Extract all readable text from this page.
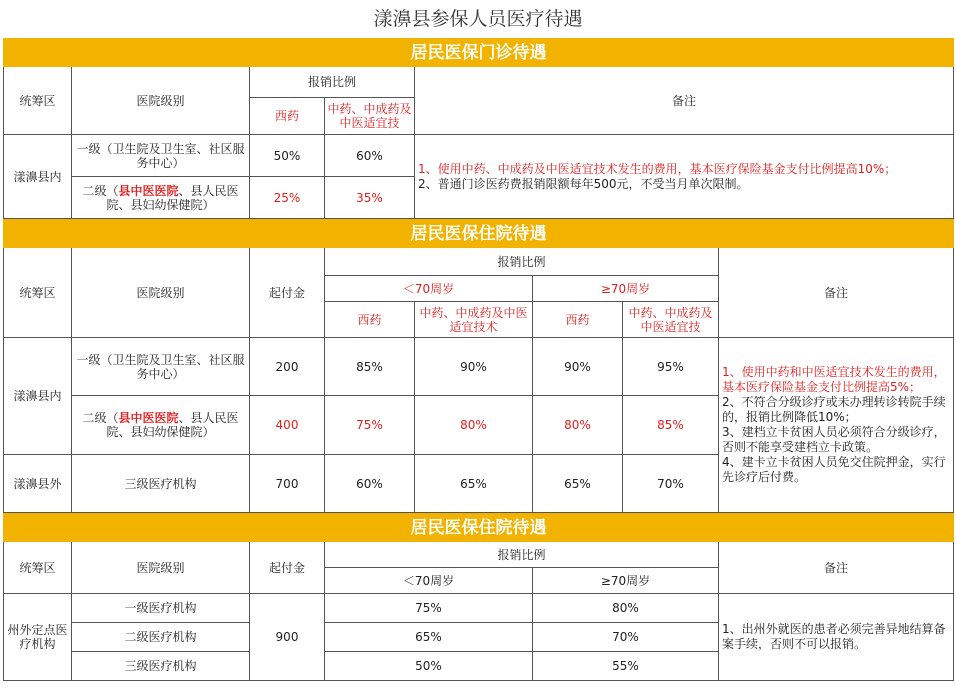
漾濞县参保人员医疗待遇
居民医保门诊待遇				
统筹区	医院级别	报销比例		备注
		西药	中药、中成药及中医适宜技	
漾濞县内	一级（卫生院及卫生室、社区服务中心）	50%	60%	1、使用中药、中成药及中医适宜技术发生的费用，基本医疗保险基金支付比例提高10%；
2、普通门诊医药费报销限额每年500元，不受当月单次限制。

	二级（县中医医院、县人民医院、县妇幼保健院）	25%	35%	
居民医保住院待遇							
统筹区	医院级别	起付金	报销比例				备注
			＜70周岁		≥70周岁		
			西药	中药、中成药及中医适宜技术	西药	中药、中成药及中医适宜技	
漾濞县内	一级（卫生院及卫生室、社区服务中心）	200	85%	90%	90%	95%	1、使用中药和中医适宜技术发生的费用，基本医疗保险基金支付比例提高5%；
2、不符合分级诊疗或未办理转诊转院手续的，报销比例降低10%；
3、建档立卡贫困人员必须符合分级诊疗，否则不能享受建档立卡政策。
4、建卡立卡贫困人员免交住院押金，实行先诊疗后付费。

	二级（县中医医院、县人民医院、县妇幼保健院）	400	75%	80%	80%	85%	
漾濞县外	三级医疗机构	700	60%	65%	65%	70%	
居民医保住院待遇					
统筹区	医院级别	起付金	报销比例		备注
			＜70周岁	≥70周岁	
州外定点医疗机构	一级医疗机构	900	75%	80%	1、出州外就医的患者必须完善异地结算备案手续，否则不可以报销。

	二级医疗机构		65%	70%	
	三级医疗机构		50%	55%	
